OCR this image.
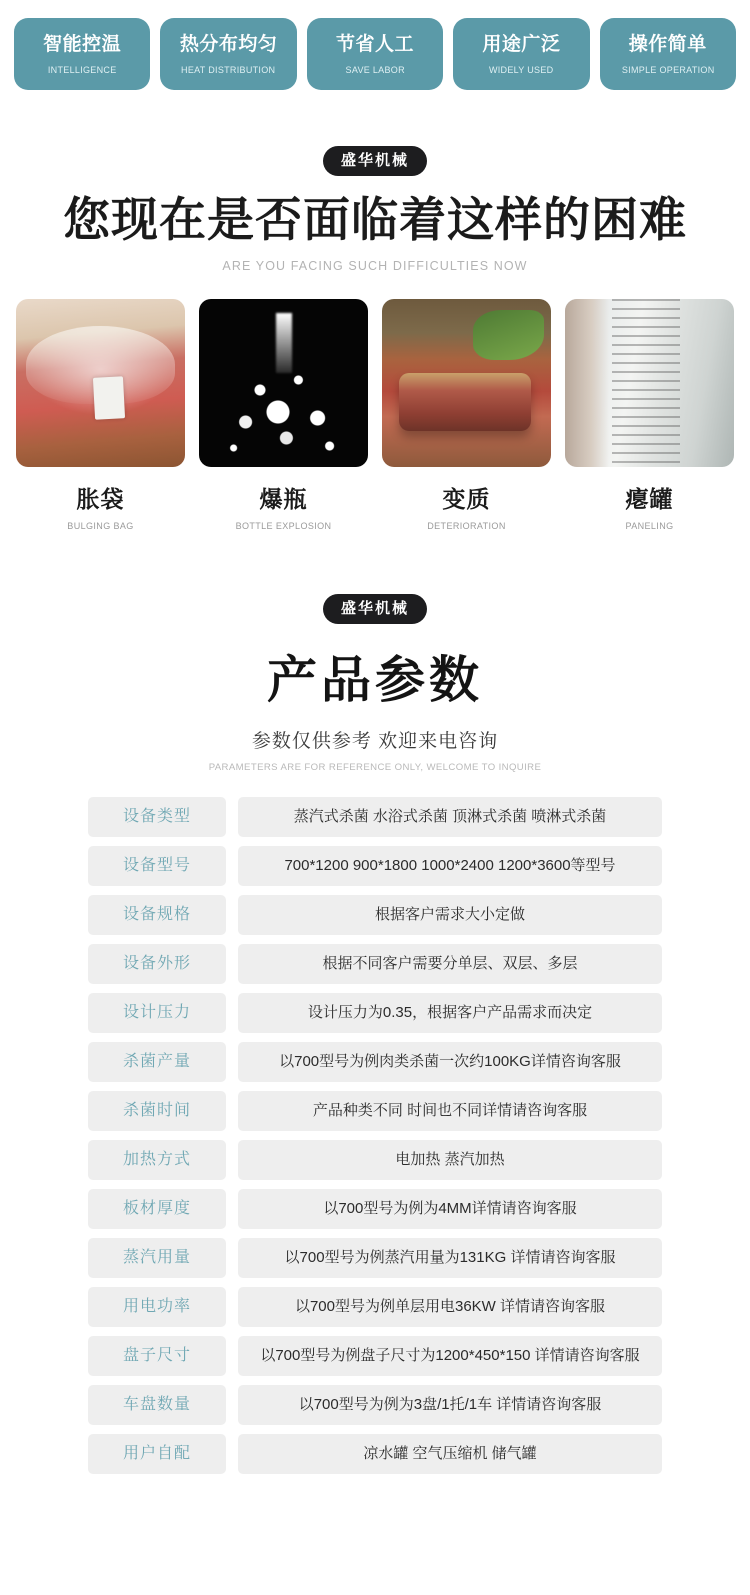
智能控温
INTELLIGENCE
热分布均匀
HEAT DISTRIBUTION
节省人工
SAVE LABOR
用途广泛
WIDELY USED
操作简单
SIMPLE OPERATION
盛华机械
您现在是否面临着这样的困难
ARE YOU FACING SUCH DIFFICULTIES NOW
胀袋
BULGING BAG
爆瓶
BOTTLE EXPLOSION
变质
DETERIORATION
瘪罐
PANELING
盛华机械
产品参数
参数仅供参考 欢迎来电咨询
PARAMETERS ARE FOR REFERENCE ONLY, WELCOME TO INQUIRE
设备类型	蒸汽式杀菌 水浴式杀菌 顶淋式杀菌 喷淋式杀菌
设备型号	700*1200 900*1800 1000*2400 1200*3600等型号
设备规格	根据客户需求大小定做
设备外形	根据不同客户需要分单层、双层、多层
设计压力	设计压力为0.35，根据客户产品需求而决定
杀菌产量	以700型号为例肉类杀菌一次约100KG详情咨询客服
杀菌时间	产品种类不同 时间也不同详情请咨询客服
加热方式	电加热 蒸汽加热
板材厚度	以700型号为例为4MM详情请咨询客服
蒸汽用量	以700型号为例蒸汽用量为131KG 详情请咨询客服
用电功率	以700型号为例单层用电36KW 详情请咨询客服
盘子尺寸	以700型号为例盘子尺寸为1200*450*150 详情请咨询客服
车盘数量	以700型号为例为3盘/1托/1车 详情请咨询客服
用户自配	凉水罐 空气压缩机 储气罐
